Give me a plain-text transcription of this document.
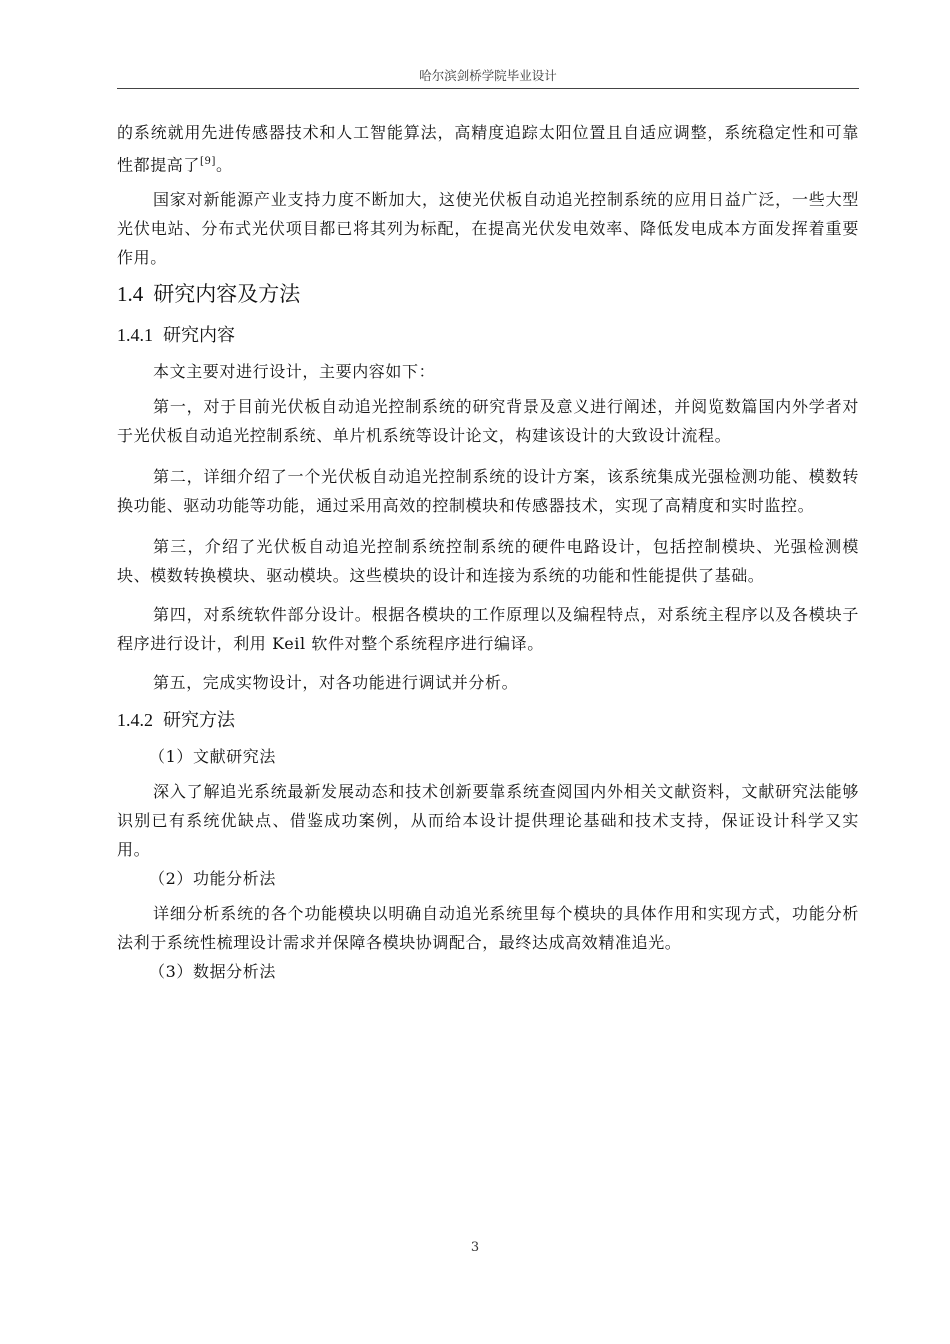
哈尔滨剑桥学院毕业设计

的系统就用先进传感器技术和人工智能算法，高精度追踪太阳位置且自适应调整，系统稳定性和可靠性都提高了[9]。

国家对新能源产业支持力度不断加大，这使光伏板自动追光控制系统的应用日益广泛，一些大型光伏电站、分布式光伏项目都已将其列为标配，在提高光伏发电效率、降低发电成本方面发挥着重要作用。

1.4 研究内容及方法
1.4.1 研究内容

本文主要对进行设计，主要内容如下：

第一，对于目前光伏板自动追光控制系统的研究背景及意义进行阐述，并阅览数篇国内外学者对于光伏板自动追光控制系统、单片机系统等设计论文，构建该设计的大致设计流程。

第二，详细介绍了一个光伏板自动追光控制系统的设计方案，该系统集成光强检测功能、模数转换功能、驱动功能等功能，通过采用高效的控制模块和传感器技术，实现了高精度和实时监控。

第三，介绍了光伏板自动追光控制系统控制系统的硬件电路设计，包括控制模块、光强检测模块、模数转换模块、驱动模块。这些模块的设计和连接为系统的功能和性能提供了基础。

第四，对系统软件部分设计。根据各模块的工作原理以及编程特点，对系统主程序以及各模块子程序进行设计，利用 Keil 软件对整个系统程序进行编译。

第五，完成实物设计，对各功能进行调试并分析。

1.4.2 研究方法

（1）文献研究法

深入了解追光系统最新发展动态和技术创新要靠系统查阅国内外相关文献资料，文献研究法能够识别已有系统优缺点、借鉴成功案例，从而给本设计提供理论基础和技术支持，保证设计科学又实用。

（2）功能分析法

详细分析系统的各个功能模块以明确自动追光系统里每个模块的具体作用和实现方式，功能分析法利于系统性梳理设计需求并保障各模块协调配合，最终达成高效精准追光。

（3）数据分析法

3
